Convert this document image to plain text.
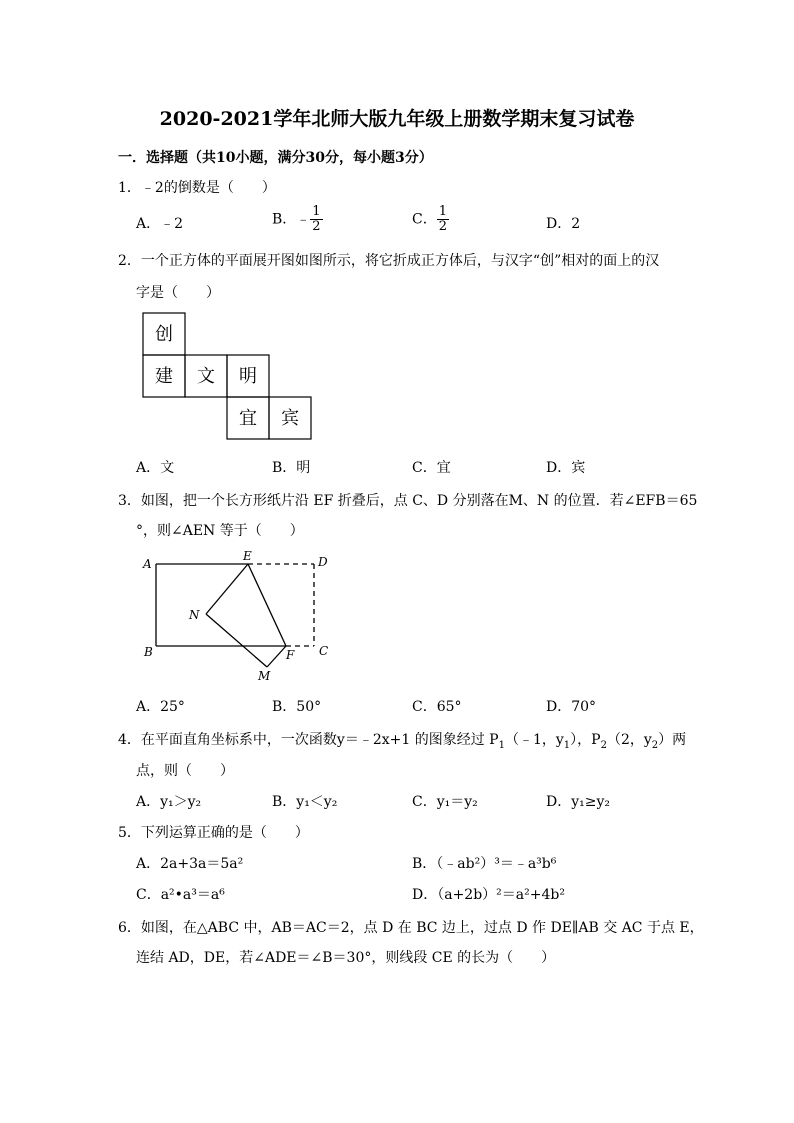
2020-2021学年北师大版九年级上册数学期末复习试卷
一．选择题（共10小题，满分30分，每小题3分）
1．﹣2的倒数是（　　）
A．﹣2	B．﹣ $\frac{1}{2}$	C． $\frac{1}{2}$	D．2
2．一个正方体的平面展开图如图所示，将它折成正方体后，与汉字“创”相对的面上的汉
字是（　　）
创
建 文 明
宜 宾
A．文	B．明	C．宜	D．宾
3．如图，把一个长方形纸片沿 EF 折叠后，点 C、D 分别落在M、N 的位置．若∠EFB＝65
°，则∠AEN 等于（　　）
A
E	D
N
B	F C
M
A．25°	B．50°	C．65°	D．70°
4．在平面直角坐标系中，一次函数y＝﹣2x+1 的图象经过 $P_1(﹣1$，$y_1$），$P_2(2$，$y_2$）两
点，则（　　）
A．y₁＞y₂	B．y₁＜y₂	C．y₁＝y₂	D．y₁≥y₂
5．下列运算正确的是（　　）
A．2a+3a＝5a²	B．（﹣ab²）³＝﹣a³b⁶
C．a²•a³＝a⁶	D．（a+2b）²＝a²+4b²
6．如图，在△ABC 中，AB＝AC＝2，点 D 在 BC 边上，过点 D 作 DE∥AB 交 AC 于点 E，
连结 AD，DE，若∠ADE＝∠B＝30°，则线段 CE 的长为（　　）
